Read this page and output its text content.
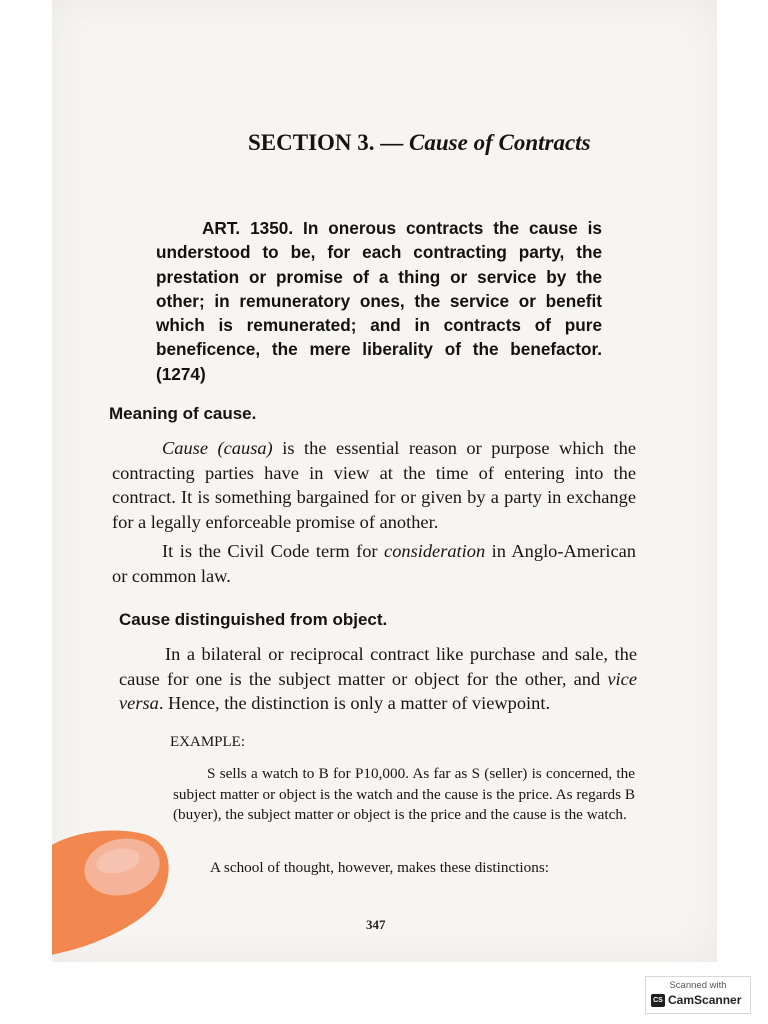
SECTION 3. — Cause of Contracts
ART. 1350. In onerous contracts the cause is understood to be, for each contracting party, the prestation or promise of a thing or service by the other; in remuneratory ones, the service or benefit which is remunerated; and in contracts of pure beneficence, the mere liberality of the benefactor. (1274)
Meaning of cause.
Cause (causa) is the essential reason or purpose which the contracting parties have in view at the time of entering into the contract. It is something bargained for or given by a party in exchange for a legally enforceable promise of another.
It is the Civil Code term for consideration in Anglo-American or common law.
Cause distinguished from object.
In a bilateral or reciprocal contract like purchase and sale, the cause for one is the subject matter or object for the other, and vice versa. Hence, the distinction is only a matter of viewpoint.
EXAMPLE:
S sells a watch to B for P10,000. As far as S (seller) is concerned, the subject matter or object is the watch and the cause is the price. As regards B (buyer), the subject matter or object is the price and the cause is the watch.
A school of thought, however, makes these distinctions:
347
Scanned with
CS CamScanner
